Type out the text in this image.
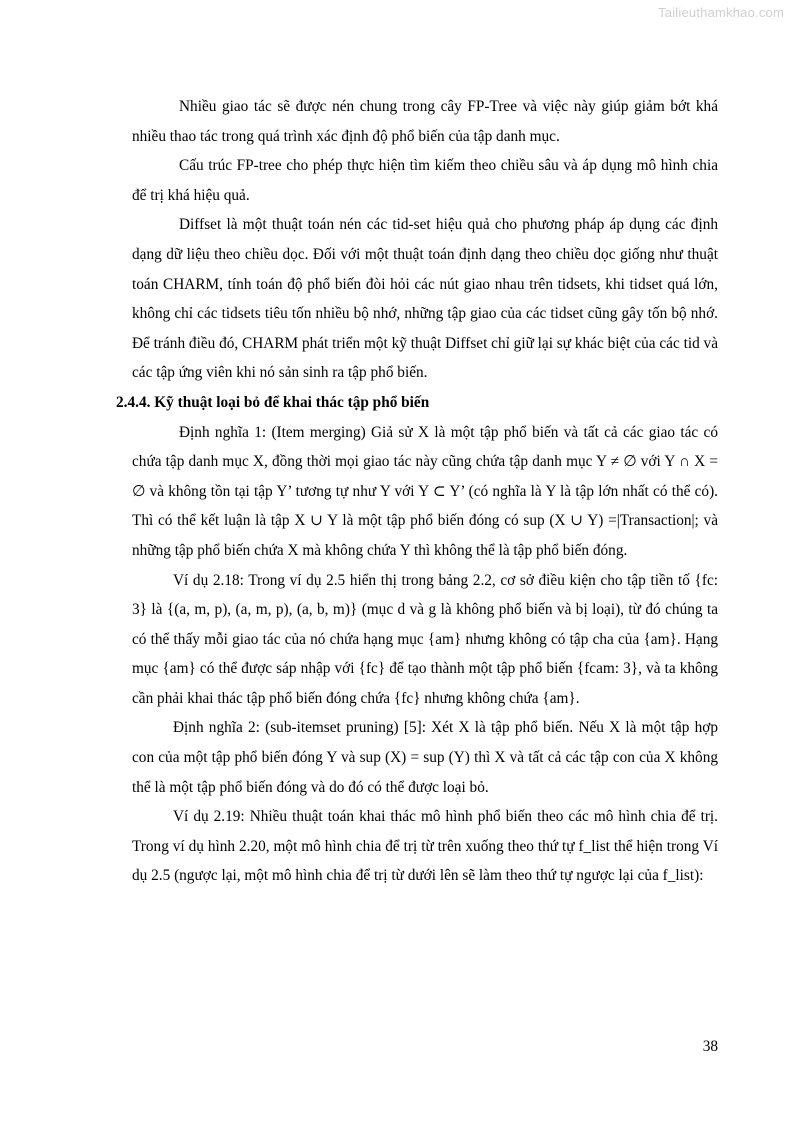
Tailieuthamkhao.com

Nhiều giao tác sẽ được nén chung trong cây FP-Tree và việc này giúp giảm bớt khá nhiều thao tác trong quá trình xác định độ phổ biến của tập danh mục.

Cấu trúc FP-tree cho phép thực hiện tìm kiếm theo chiều sâu và áp dụng mô hình chia để trị khá hiệu quả.

Diffset là một thuật toán nén các tid-set hiệu quả cho phương pháp áp dụng các định dạng dữ liệu theo chiều dọc. Đối với một thuật toán định dạng theo chiều dọc giống như thuật toán CHARM, tính toán độ phổ biến đòi hỏi các nút giao nhau trên tidsets, khi tidset quá lớn, không chỉ các tidsets tiêu tốn nhiều bộ nhớ, những tập giao của các tidset cũng gây tốn bộ nhớ. Để tránh điều đó, CHARM phát triển một kỹ thuật Diffset chỉ giữ lại sự khác biệt của các tid và các tập ứng viên khi nó sản sinh ra tập phổ biến.

2.4.4. Kỹ thuật loại bỏ để khai thác tập phổ biến

Định nghĩa 1: (Item merging) Giả sử X là một tập phổ biến và tất cả các giao tác có chứa tập danh mục X, đồng thời mọi giao tác này cũng chứa tập danh mục Y ≠ ∅ với Y ∩ X = ∅ và không tồn tại tập Y’ tương tự như Y với Y ⊂ Y’ (có nghĩa là Y là tập lớn nhất có thể có). Thì có thể kết luận là tập X ∪ Y là một tập phổ biến đóng có sup (X ∪ Y) =|Transaction|; và những tập phổ biến chứa X mà không chứa Y thì không thể là tập phổ biến đóng.

Ví dụ 2.18: Trong ví dụ 2.5 hiển thị trong bảng 2.2, cơ sở điều kiện cho tập tiền tố {fc: 3} là {(a, m, p), (a, m, p), (a, b, m)} (mục d và g là không phổ biến và bị loại), từ đó chúng ta có thể thấy mỗi giao tác của nó chứa hạng mục {am} nhưng không có tập cha của {am}. Hạng mục {am} có thể được sáp nhập với {fc} để tạo thành một tập phổ biến {fcam: 3}, và ta không cần phải khai thác tập phổ biến đóng chứa {fc} nhưng không chứa {am}.

Định nghĩa 2: (sub-itemset pruning) [5]: Xét X là tập phổ biến. Nếu X là một tập hợp con của một tập phổ biến đóng Y và sup (X) = sup (Y) thì X và tất cả các tập con của X không thể là một tập phổ biến đóng và do đó có thể được loại bỏ.

Ví dụ 2.19: Nhiều thuật toán khai thác mô hình phổ biến theo các mô hình chia để trị. Trong ví dụ hình 2.20, một mô hình chia để trị từ trên xuống theo thứ tự f_list thể hiện trong Ví dụ 2.5 (ngược lại, một mô hình chia để trị từ dưới lên sẽ làm theo thứ tự ngược lại của f_list):

38
